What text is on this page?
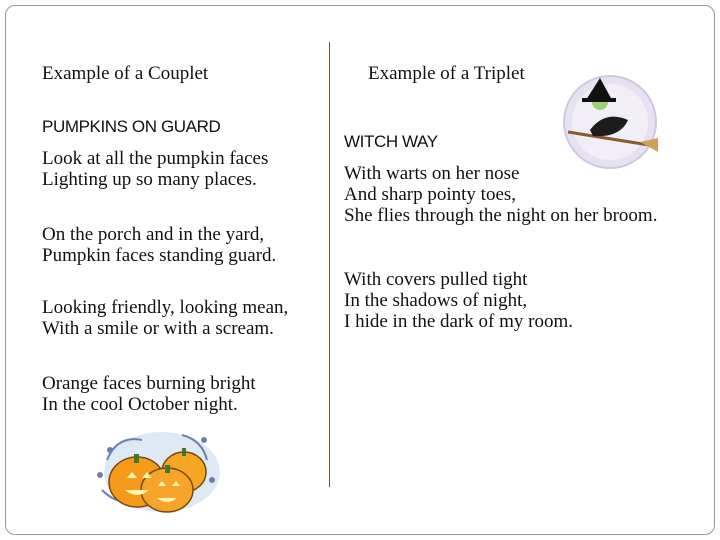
Example of a Couplet
PUMPKINS ON GUARD
Look at all the pumpkin faces
Lighting up so many places.
On the porch and in the yard,
Pumpkin faces standing guard.
Looking friendly, looking mean,
With a smile or with a scream.
Orange faces burning bright
In the cool October night.
Example of a Triplet
WITCH WAY
With warts on her nose
And sharp pointy toes,
She flies through the night on her broom.
With covers pulled tight
In the shadows of night,
I hide in the dark of my room.
